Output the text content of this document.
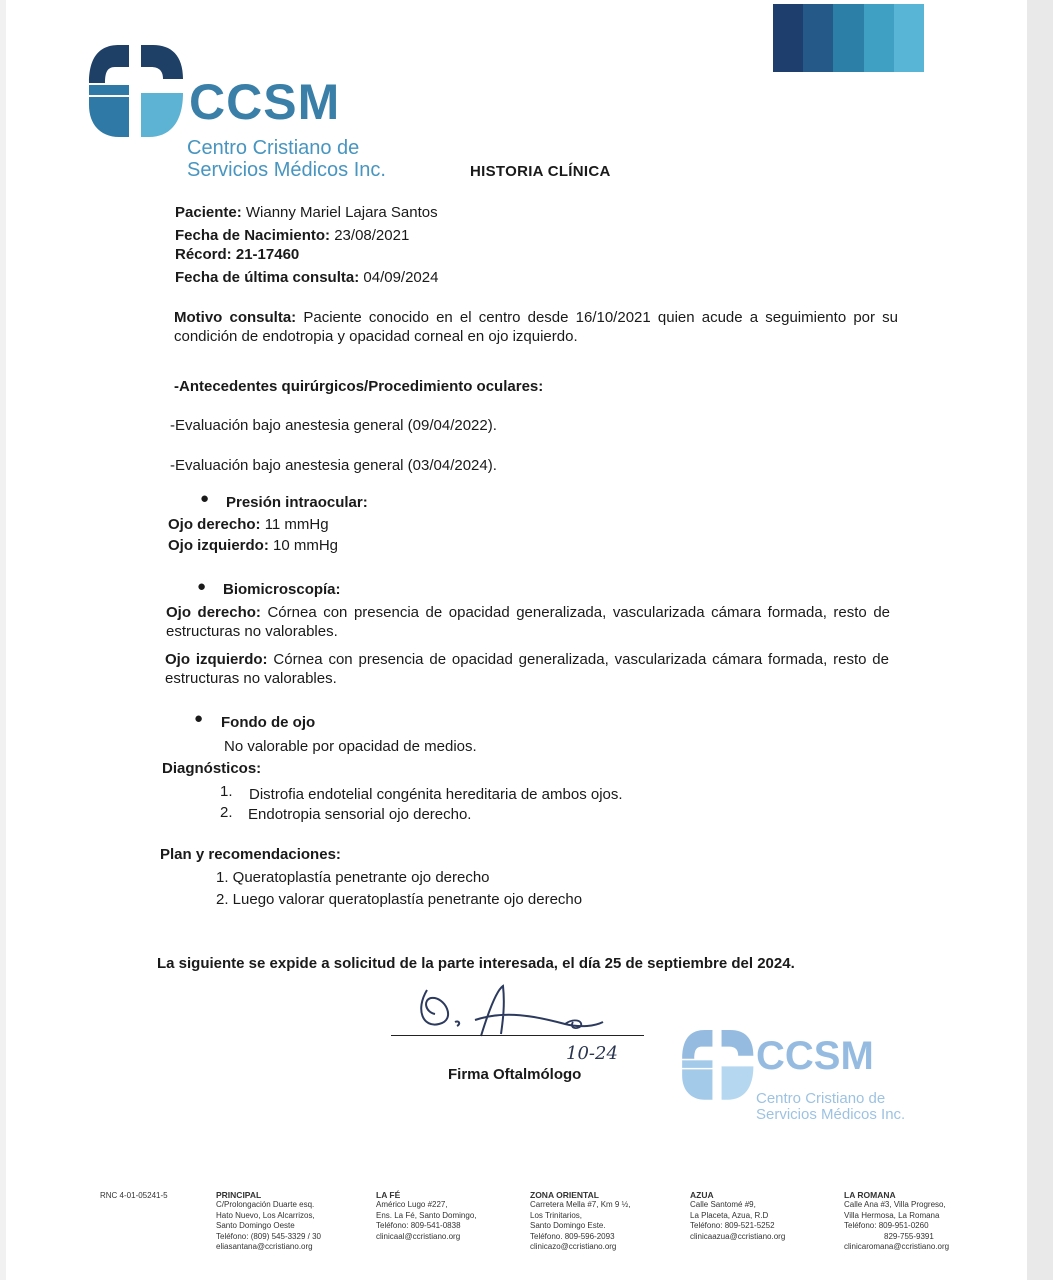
CCSM
Centro Cristiano de
Servicios Médicos Inc.	HISTORIA CLÍNICA
Paciente: Wianny Mariel Lajara Santos
Fecha de Nacimiento: 23/08/2021
Récord: 21-17460
Fecha de última consulta: 04/09/2024
Motivo consulta: Paciente conocido en el centro desde 16/10/2021 quien acude a seguimiento por su condición de endotropia y opacidad corneal en ojo izquierdo.
-Antecedentes quirúrgicos/Procedimiento oculares:
-Evaluación bajo anestesia general (09/04/2022).
-Evaluación bajo anestesia general (03/04/2024).
● Presión intraocular:
Ojo derecho: 11 mmHg
Ojo izquierdo: 10 mmHg
● Biomicroscopía:
Ojo derecho: Córnea con presencia de opacidad generalizada, vascularizada cámara formada, resto de estructuras no valorables.
Ojo izquierdo: Córnea con presencia de opacidad generalizada, vascularizada cámara formada, resto de estructuras no valorables.
● Fondo de ojo
No valorable por opacidad de medios.
Diagnósticos:
1. Distrofia endotelial congénita hereditaria de ambos ojos.
2. Endotropia sensorial ojo derecho.
Plan y recomendaciones:
1. Queratoplastía penetrante ojo derecho
2. Luego valorar queratoplastía penetrante ojo derecho
La siguiente se expide a solicitud de la parte interesada, el día 25 de septiembre del 2024.
10-24
Firma Oftalmólogo	CCSM
Centro Cristiano de
Servicios Médicos Inc.
RNC 4-01-05241-5	PRINCIPAL
C/Prolongación Duarte esq.
Hato Nuevo, Los Alcarrizos,
Santo Domingo Oeste
Teléfono: (809) 545-3329 / 30
eliasantana@ccristiano.org
LA FÉ
Américo Lugo #227,
Ens. La Fé, Santo Domingo,
Teléfono: 809-541-0838
clinicaal@ccristiano.org
ZONA ORIENTAL
Carretera Mella #7, Km 9 ½,
Los Trinitarios,
Santo Domingo Este.
Teléfono. 809-596-2093
clinicazo@ccristiano.org
AZUA
Calle Santomé #9,
La Placeta, Azua, R.D
Teléfono: 809-521-5252
clinicaazua@ccristiano.org
LA ROMANA
Calle Ana #3, Villa Progreso,
Villa Hermosa, La Romana
Teléfono: 809-951-0260
829-755-9391
clinicaromana@ccristiano.org
